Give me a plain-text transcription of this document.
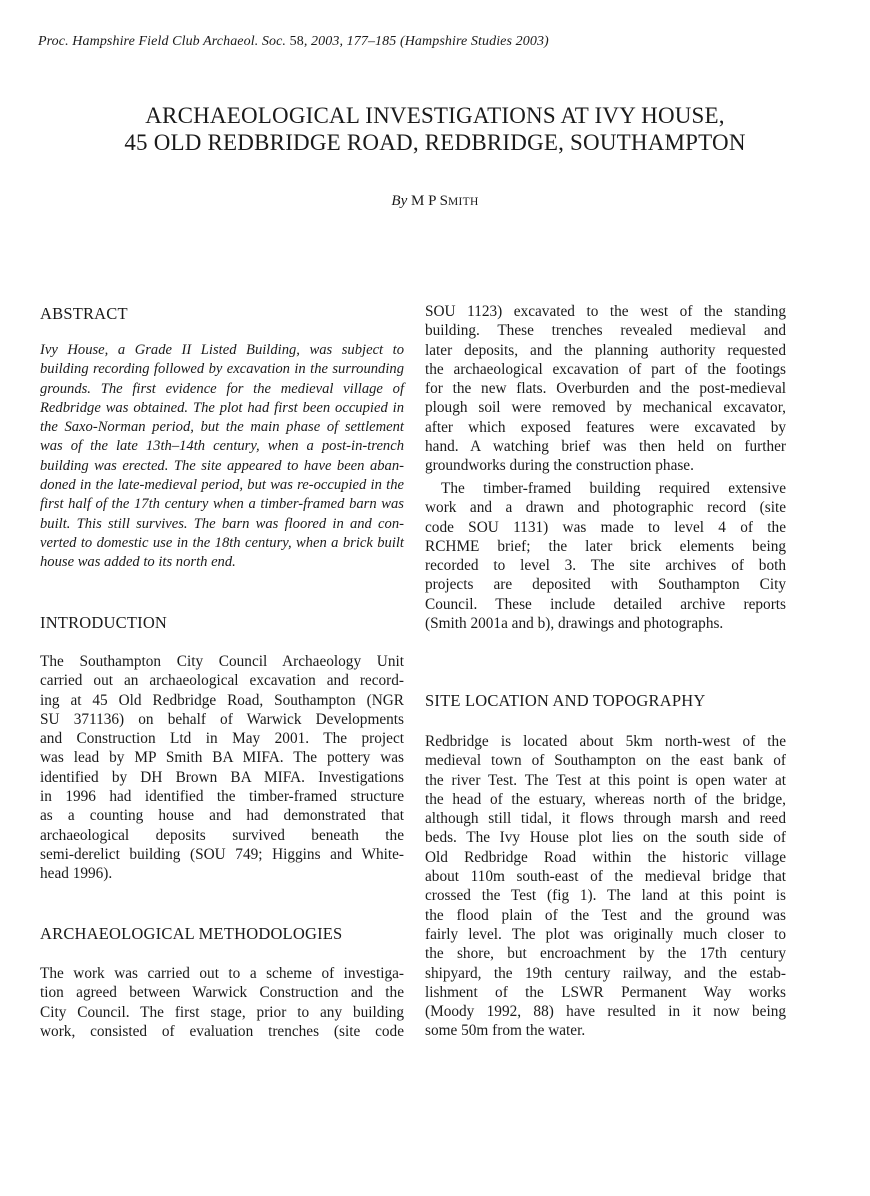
Proc. Hampshire Field Club Archaeol. Soc. 58, 2003, 177–185 (Hampshire Studies 2003)
ARCHAEOLOGICAL INVESTIGATIONS AT IVY HOUSE,
45 OLD REDBRIDGE ROAD, REDBRIDGE, SOUTHAMPTON
By M P SMITH
ABSTRACT
Ivy House, a Grade II Listed Building, was subject to
building recording followed by excavation in the surrounding
grounds. The first evidence for the medieval village of
Redbridge was obtained. The plot had first been occupied in
the Saxo-Norman period, but the main phase of settlement
was of the late 13th–14th century, when a post-in-trench
building was erected. The site appeared to have been aban-
doned in the late-medieval period, but was re-occupied in the
first half of the 17th century when a timber-framed barn was
built. This still survives. The barn was floored in and con-
verted to domestic use in the 18th century, when a brick built
house was added to its north end.
INTRODUCTION
The Southampton City Council Archaeology Unit
carried out an archaeological excavation and record-
ing at 45 Old Redbridge Road, Southampton (NGR
SU 371136) on behalf of Warwick Developments
and Construction Ltd in May 2001. The project
was lead by MP Smith BA MIFA. The pottery was
identified by DH Brown BA MIFA. Investigations
in 1996 had identified the timber-framed structure
as a counting house and had demonstrated that
archaeological deposits survived beneath the
semi-derelict building (SOU 749; Higgins and White-
head 1996).
ARCHAEOLOGICAL METHODOLOGIES
The work was carried out to a scheme of investiga-
tion agreed between Warwick Construction and the
City Council. The first stage, prior to any building
work, consisted of evaluation trenches (site code
SOU 1123) excavated to the west of the standing
building. These trenches revealed medieval and
later deposits, and the planning authority requested
the archaeological excavation of part of the footings
for the new flats. Overburden and the post-medieval
plough soil were removed by mechanical excavator,
after which exposed features were excavated by
hand. A watching brief was then held on further
groundworks during the construction phase.
The timber-framed building required extensive
work and a drawn and photographic record (site
code SOU 1131) was made to level 4 of the
RCHME brief; the later brick elements being
recorded to level 3. The site archives of both
projects are deposited with Southampton City
Council. These include detailed archive reports
(Smith 2001a and b), drawings and photographs.
SITE LOCATION AND TOPOGRAPHY
Redbridge is located about 5km north-west of the
medieval town of Southampton on the east bank of
the river Test. The Test at this point is open water at
the head of the estuary, whereas north of the bridge,
although still tidal, it flows through marsh and reed
beds. The Ivy House plot lies on the south side of
Old Redbridge Road within the historic village
about 110m south-east of the medieval bridge that
crossed the Test (fig 1). The land at this point is
the flood plain of the Test and the ground was
fairly level. The plot was originally much closer to
the shore, but encroachment by the 17th century
shipyard, the 19th century railway, and the estab-
lishment of the LSWR Permanent Way works
(Moody 1992, 88) have resulted in it now being
some 50m from the water.
